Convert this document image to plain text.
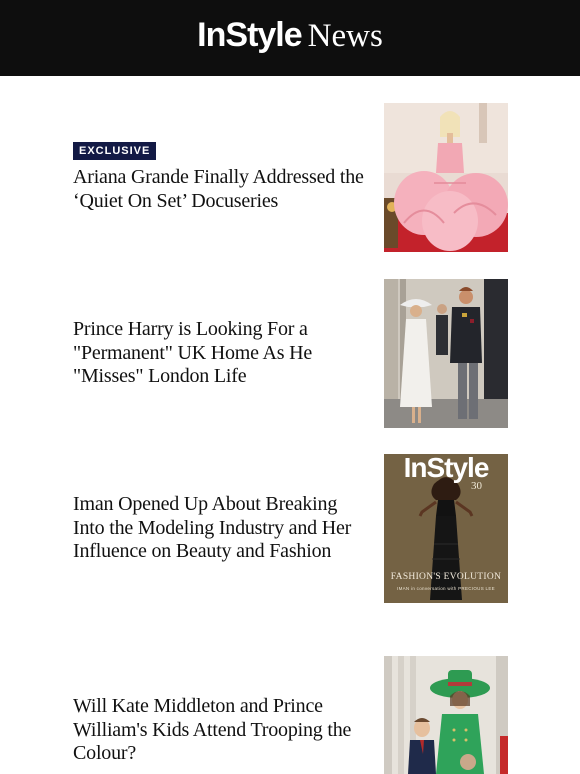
InStyle News
EXCLUSIVE
Ariana Grande Finally Addressed the ‘Quiet On Set’ Docuseries
Prince Harry is Looking For a "Permanent" UK Home As He "Misses" London Life
Iman Opened Up About Breaking Into the Modeling Industry and Her Influence on Beauty and Fashion
InStyle
30
FASHION'S EVOLUTION
IMAN in conversation with PRECIOUS LEE
Will Kate Middleton and Prince William's Kids Attend Trooping the Colour?
